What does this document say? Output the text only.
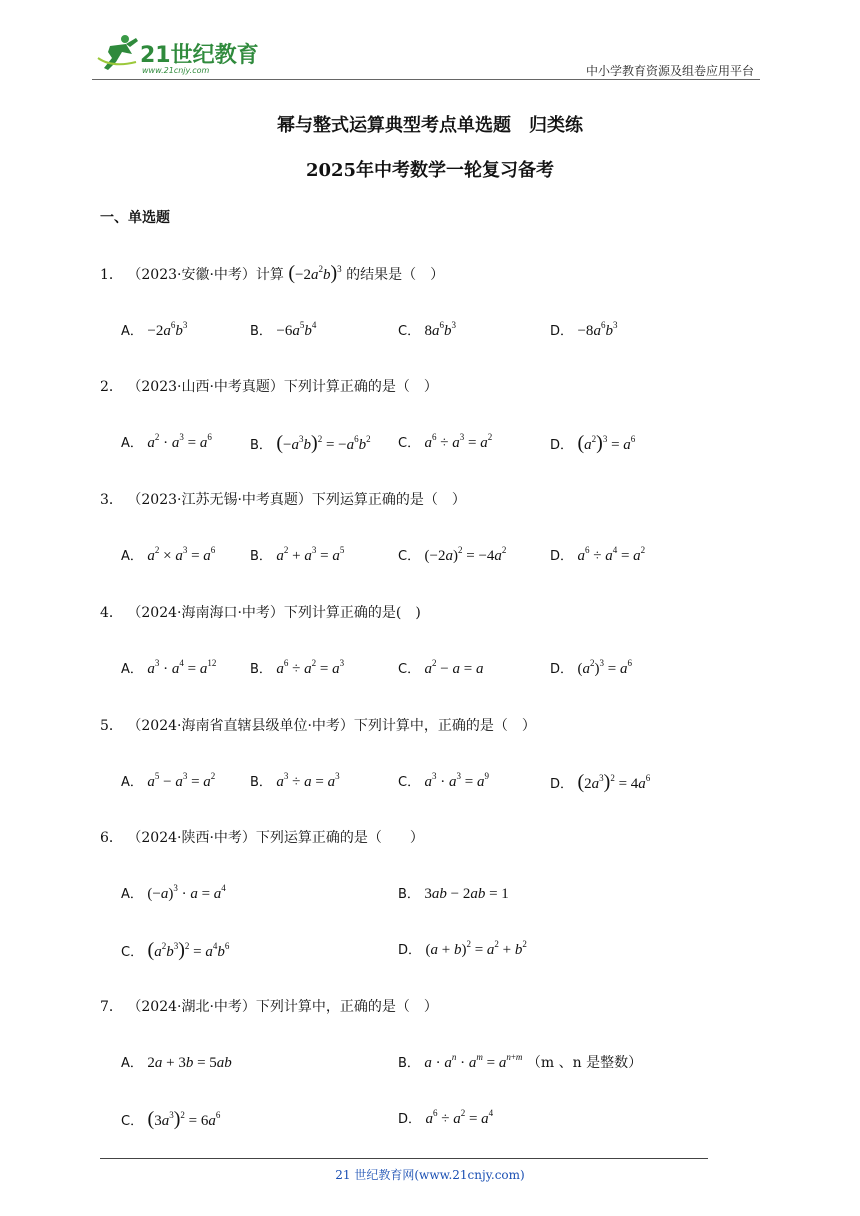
21世纪教育
www.21cnjy.com	中小学教育资源及组卷应用平台
幂与整式运算典型考点单选题　归类练
2025年中考数学一轮复习备考
一、单选题
1． （2023·安徽·中考）计算 $(-2a^2b)^3$ 的结果是（　）
A． $-2a^6b^3$	B． $-6a^5b^4$	C． $8a^6b^3$	D． $-8a^6b^3$
2． （2023·山西·中考真题）下列计算正确的是（　）
A． $a^2 \cdot a^3 = a^6$
B． $(-a^3b)^2 = -a^6b^2$ C． $a^6 \div a^3 = a^2$
D． $(a^2)^3 = a^6$
3． （2023·江苏无锡·中考真题）下列运算正确的是（　）
A． $a^2 \times a^3 = a^6$	B． $a^2 + a^3 = a^5$	C． $(-2a)^2 = -4a^2$	D． $a^6 \div a^4 = a^2$
4． （2024·海南海口·中考）下列计算正确的是(　)
A． $a^3 \cdot a^4 = a^{12}$	B． $a^6 \div a^2 = a^3$	C． $a^2 - a = a$	D． $(a^2)^3 = a^6$
5． （2024·海南省直辖县级单位·中考）下列计算中，正确的是（　）
A． $a^5 - a^3 = a^2$	B． $a^3 \div a = a^3$	C． $a^3 \cdot a^3 = a^9$
D． $(2a^3)^2 = 4a^6$
6． （2024·陕西·中考）下列运算正确的是（　　）
A． $(-a)^3 \cdot a = a^4$	B． 3ab − 2ab = 1
C． $(a^2b^3)^2 = a^4b^6$	D． $(a + b)^2 = a^2 + b^2$
7． （2024·湖北·中考）下列计算中，正确的是（　）
A． 2a + 3b = 5ab	B． $a \cdot a^n \cdot a^m = a^{n+m}$ （m 、n 是整数）
C． $(3a^3)^2 = 6a^6$	D． $a^6 \div a^2 = a^4$
21 世纪教育网(www.21cnjy.com)
